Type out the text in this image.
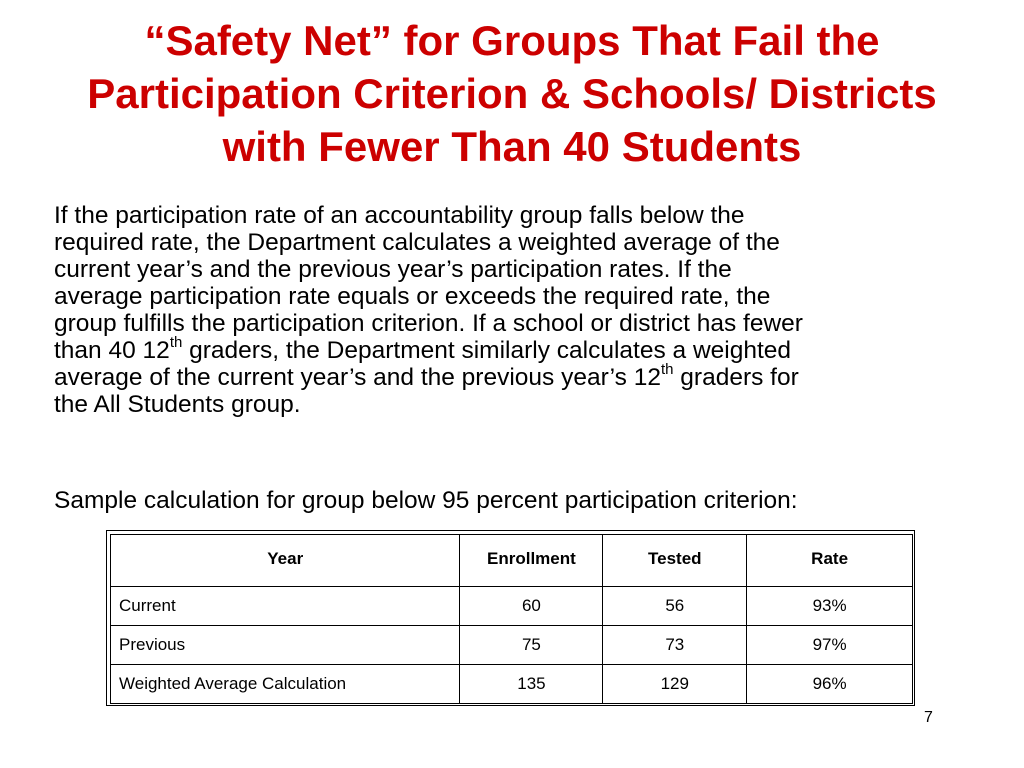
“Safety Net” for Groups That Fail the
Participation Criterion & Schools/ Districts
with Fewer Than 40 Students
If the participation rate of an accountability group falls below the
required rate, the Department calculates a weighted average of the
current year’s and the previous year’s participation rates. If the
average participation rate equals or exceeds the required rate, the
group fulfills the participation criterion. If a school or district has fewer
than 40 12th graders, the Department similarly calculates a weighted
average of the current year’s and the previous year’s 12th graders for
the All Students group.
Sample calculation for group below 95 percent participation criterion:
Year	Enrollment	Tested	Rate
Current	60	56	93%
Previous	75	73	97%
Weighted Average Calculation	135	129	96%
7
